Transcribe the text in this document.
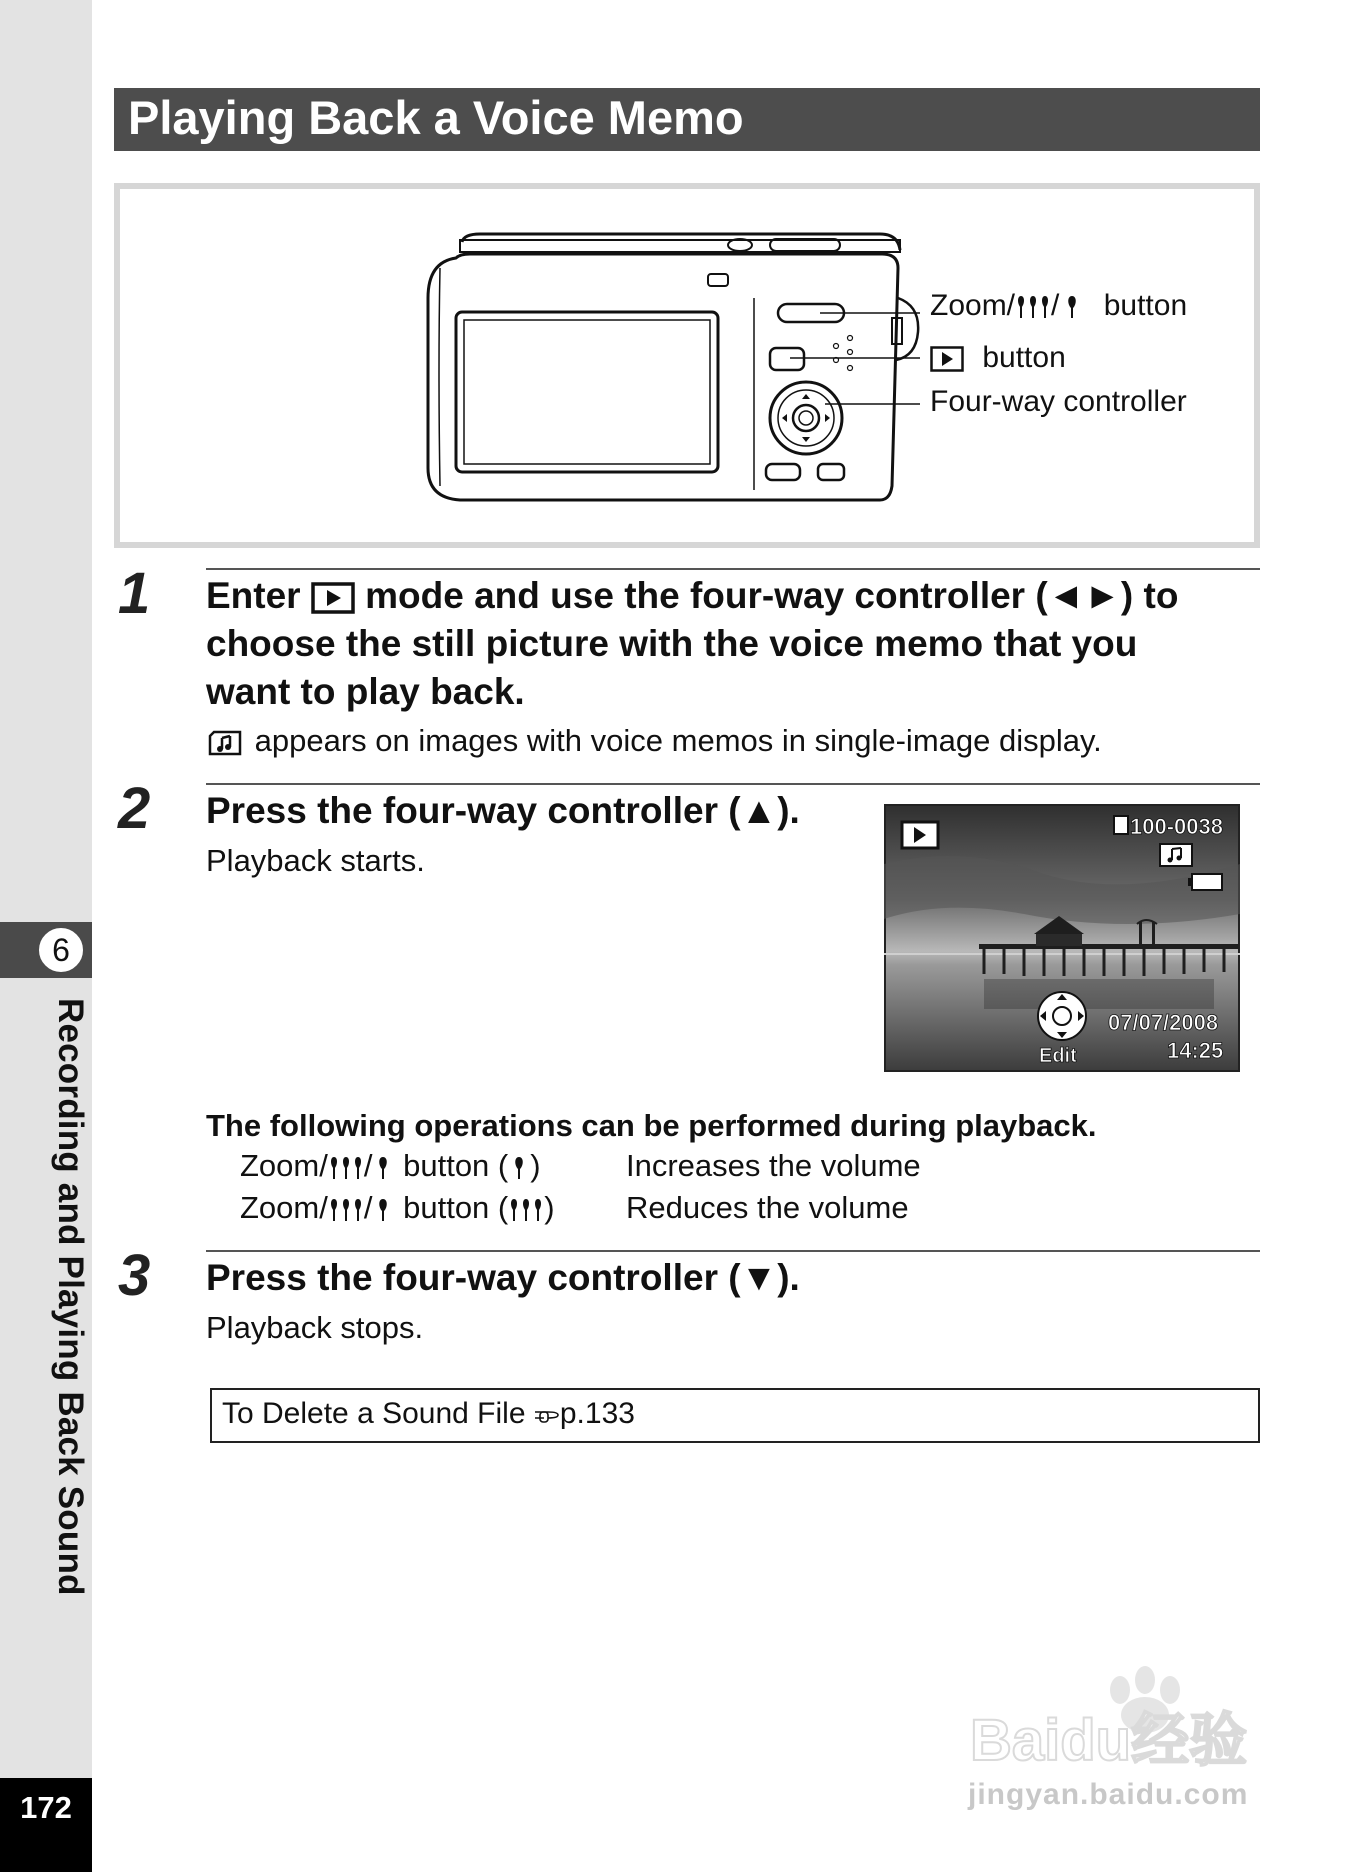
6
Recording and Playing Back Sound
172
Playing Back a Voice Memo
Zoom/ / button
button
Four-way controller
1 Enter mode and use the four-way controller (◄►) to
choose the still picture with the voice memo that you
want to play back.
appears on images with voice memos in single-image display.
2 Press the four-way controller (▲).
Playback starts.
100-0038
Edit
07/07/2008
14:25
The following operations can be performed during playback.
Zoom/ / button ( )	Increases the volume
Zoom/ / button ( ) Reduces the volume
3 Press the four-way controller (▼).
Playback stops.
To Delete a Sound File p.133
Baidu经验
jingyan.baidu.com
